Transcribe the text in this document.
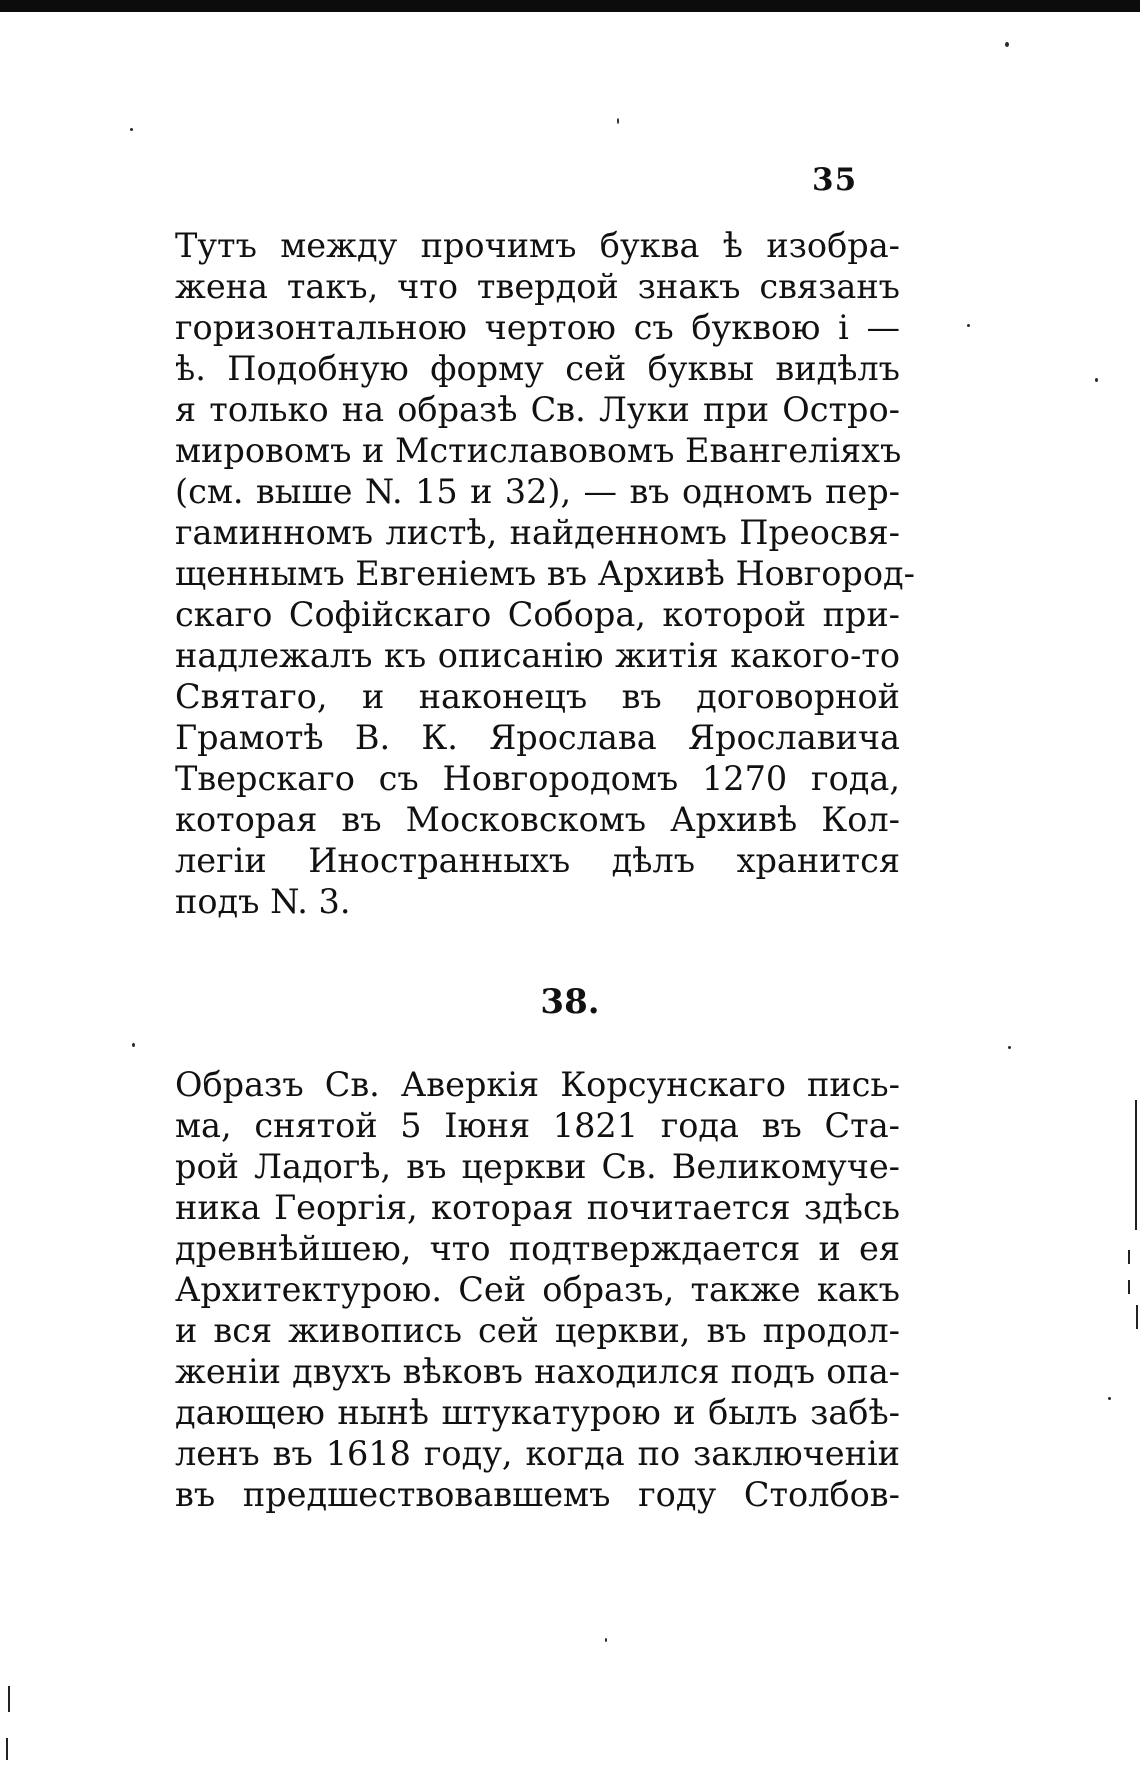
35
Тутъ между прочимъ буква ѣ изобра-
жена такъ, что твердой знакъ связанъ
горизонтальною чертою съ буквою і —
ѣ. Подобную форму сей буквы видѣлъ
я только на образѣ Св. Луки при Остро-
мировомъ и Мстиславовомъ Евангеліяхъ
(см. выше N. 15 и 32), — въ одномъ пер-
гаминномъ листѣ, найденномъ Преосвя-
щеннымъ Евгеніемъ въ Архивѣ Новгород-
скаго Софійскаго Собора, которой при-
надлежалъ къ описанію житія какого-то
Святаго, и наконецъ въ договорной
Грамотѣ В. К. Ярослава Ярославича
Тверскаго съ Новгородомъ 1270 года,
которая въ Московскомъ Архивѣ Кол-
легіи Иностранныхъ дѣлъ хранится
подъ N. 3.
38.
Образъ Св. Аверкія Корсунскаго пись-
ма, снятой 5 Іюня 1821 года въ Ста-
рой Ладогѣ, въ церкви Св. Великомуче-
ника Георгія, которая почитается здѣсь
древнѣйшею, что подтверждается и ея
Архитектурою. Сей образъ, также какъ
и вся живопись сей церкви, въ продол-
женіи двухъ вѣковъ находился подъ опа-
дающею нынѣ штукатурою и былъ забѣ-
ленъ въ 1618 году, когда по заключеніи
въ предшествовавшемъ году Столбов-
